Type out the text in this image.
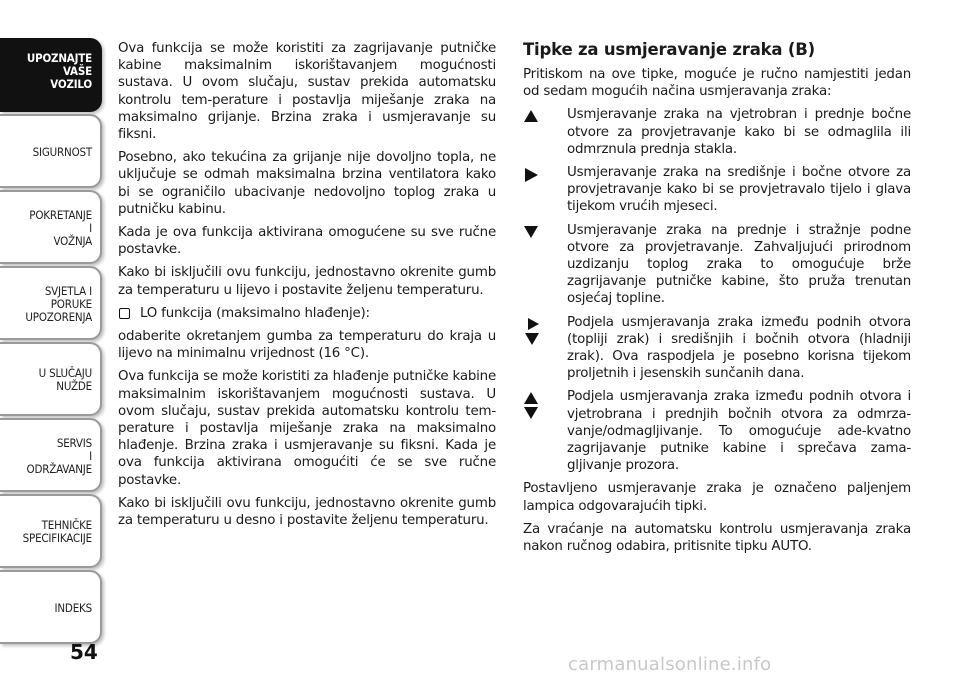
UPOZNAJTE
VAŠE
VOZILO
SIGURNOST
POKRETANJE
I
VOŽNJA
SVJETLA I
PORUKE
UPOZORENJA
U SLUČAJU
NUŽDE
SERVIS
I
ODRŽAVANJE
TEHNIČKE
SPECIFIKACIJE
INDEKS
54

Ova funkcija se može koristiti za zagrijavanje putničke kabine maksimalnim iskorištavanjem mogućnosti sustava. U ovom slučaju, sustav prekida automatsku kontrolu tem-perature i postavlja miješanje zraka na maksimalno grijanje. Brzina zraka i usmjeravanje su fiksni.

Posebno, ako tekućina za grijanje nije dovoljno topla, ne uključuje se odmah maksimalna brzina ventilatora kako bi se ograničilo ubacivanje nedovoljno toplog zraka u putničku kabinu.

Kada je ova funkcija aktivirana omogućene su sve ručne postavke.

Kako bi isključili ovu funkciju, jednostavno okrenite gumb za temperaturu u lijevo i postavite željenu temperaturu.

LO funkcija (maksimalno hlađenje):

odaberite okretanjem gumba za temperaturu do kraja u lijevo na minimalnu vrijednost (16 °C).

Ova funkcija se može koristiti za hlađenje putničke kabine maksimalnim iskorištavanjem mogućnosti sustava. U ovom slučaju, sustav prekida automatsku kontrolu tem-perature i postavlja miješanje zraka na maksimalno hlađenje. Brzina zraka i usmjeravanje su fiksni. Kada je ova funkcija aktivirana omogućiti će se sve ručne postavke.

Kako bi isključili ovu funkciju, jednostavno okrenite gumb za temperaturu u desno i postavite željenu temperaturu.

Tipke za usmjeravanje zraka (B)

Pritiskom na ove tipke, moguće je ručno namjestiti jedan od sedam mogućih načina usmjeravanja zraka:

Usmjeravanje zraka na vjetrobran i prednje bočne otvore za provjetravanje kako bi se odmaglila ili odmrznula prednja stakla.
Usmjeravanje zraka na središnje i bočne otvore za provjetravanje kako bi se provjetravalo tijelo i glava tijekom vrućih mjeseci.
Usmjeravanje zraka na prednje i stražnje podne otvore za provjetravanje. Zahvaljujući prirodnom uzdizanju toplog zraka to omogućuje brže zagrijavanje putničke kabine, što pruža trenutan osjećaj topline.
Podjela usmjeravanja zraka između podnih otvora (topliji zrak) i središnjih i bočnih otvora (hladniji zrak). Ova raspodjela je posebno korisna tijekom proljetnih i jesenskih sunčanih dana.
Podjela usmjeravanja zraka između podnih otvora i vjetrobrana i prednjih bočnih otvora za odmrza-vanje/odmagljivanje. To omogućuje ade-kvatno zagrijavanje putnike kabine i sprečava zama-gljivanje prozora.

Postavljeno usmjeravanje zraka je označeno paljenjem lampica odgovarajućih tipki.

Za vraćanje na automatsku kontrolu usmjeravanja zraka nakon ručnog odabira, pritisnite tipku AUTO.

carmanualsonline.info
